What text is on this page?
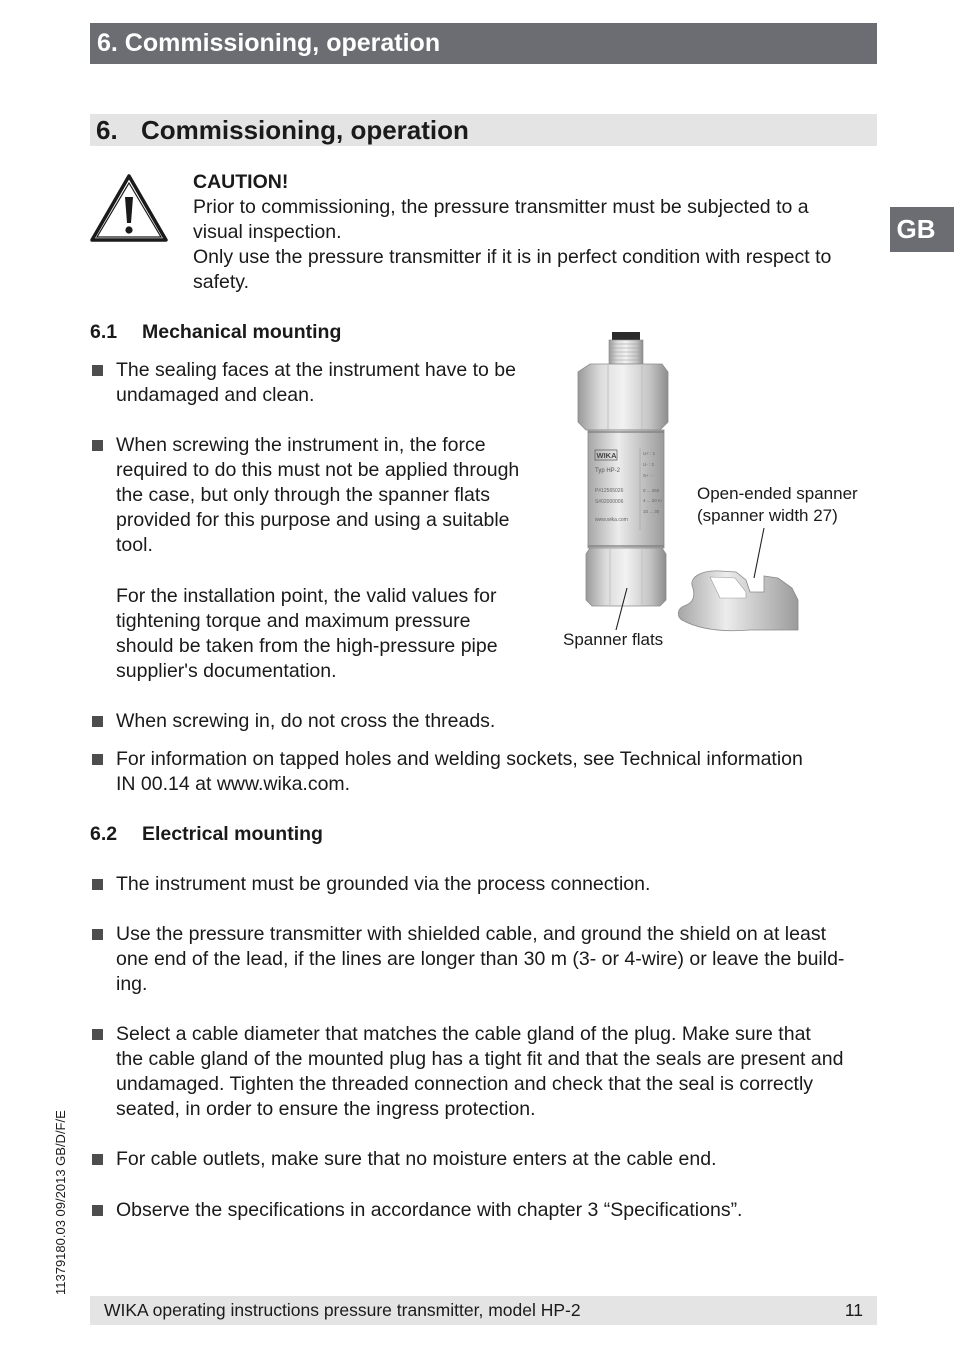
6. Commissioning, operation
GB
6. Commissioning, operation
CAUTION!
Prior to commissioning, the pressure transmitter must be subjected to a
visual inspection.
Only use the pressure transmitter if it is in perfect condition with respect to
safety.
6.1 Mechanical mounting
The sealing faces at the instrument have to be
undamaged and clean.
When screwing the instrument in, the force
required to do this must not be applied through
the case, but only through the spanner flats
provided for this purpose and using a suitable
tool.
For the installation point, the valid values for
tightening torque and maximum pressure
should be taken from the high-pressure pipe
supplier's documentation.
WIKA
Typ HP-2
P#12565026
S#02000006
www.wika.com
U+ : 1
U- : 2
S+ : -
0 ... 250
4 ... 20 m
10 ... 30
Open-ended spanner
(spanner width 27)
Spanner flats
When screwing in, do not cross the threads.
For information on tapped holes and welding sockets, see Technical information
IN 00.14 at www.wika.com.
6.2 Electrical mounting
The instrument must be grounded via the process connection.
Use the pressure transmitter with shielded cable, and ground the shield on at least
one end of the lead, if the lines are longer than 30 m (3- or 4-wire) or leave the build-
ing.
Select a cable diameter that matches the cable gland of the plug. Make sure that
the cable gland of the mounted plug has a tight fit and that the seals are present and
undamaged. Tighten the threaded connection and check that the seal is correctly
seated, in order to ensure the ingress protection.
For cable outlets, make sure that no moisture enters at the cable end.
Observe the specifications in accordance with chapter 3 “Specifications”.
11379180.03 09/2013 GB/D/F/E
WIKA operating instructions pressure transmitter, model HP-2	11
